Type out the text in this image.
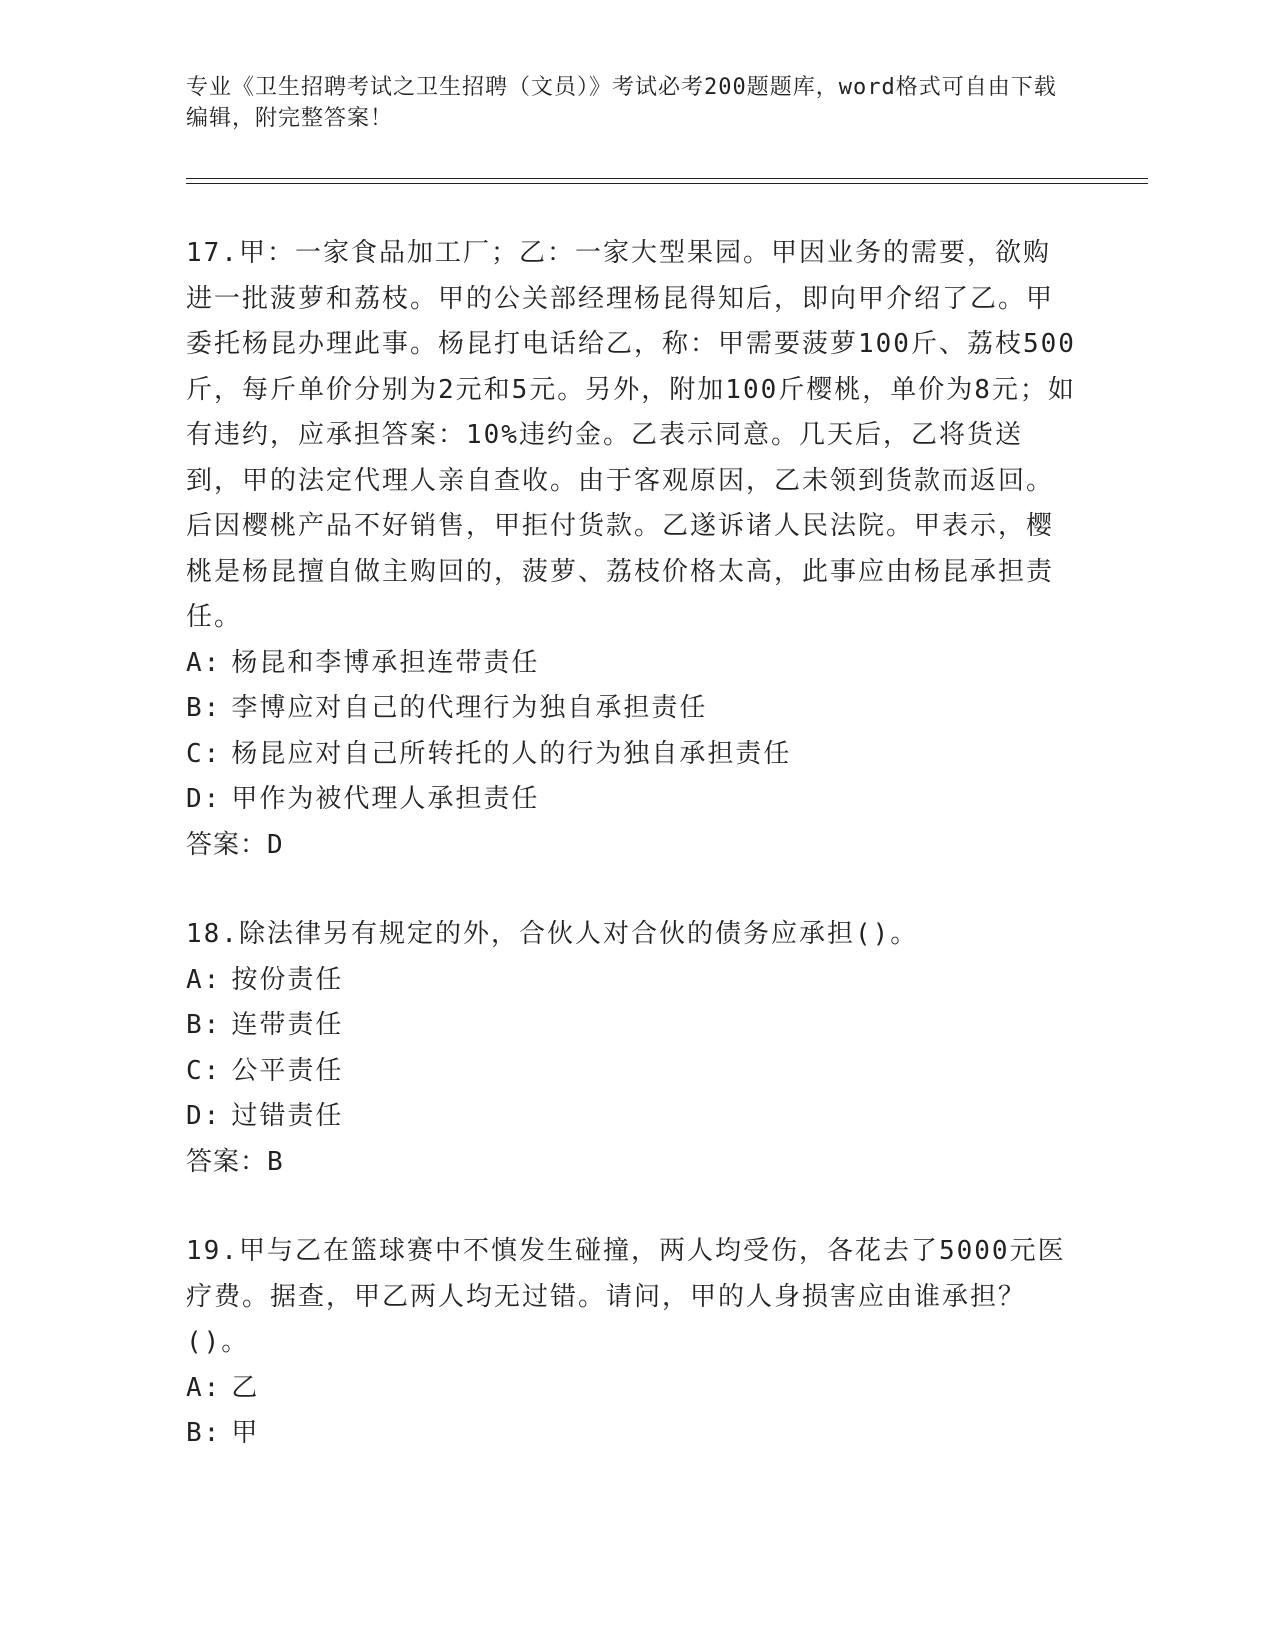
专业《卫生招聘考试之卫生招聘（文员）》考试必考200题题库，word格式可自由下载编辑，附完整答案！

17.甲：一家食品加工厂；乙：一家大型果园。甲因业务的需要，欲购进一批菠萝和荔枝。甲的公关部经理杨昆得知后，即向甲介绍了乙。甲委托杨昆办理此事。杨昆打电话给乙，称：甲需要菠萝100斤、荔枝500斤，每斤单价分别为2元和5元。另外，附加100斤樱桃，单价为8元；如有违约，应承担答案：10%违约金。乙表示同意。几天后，乙将货送到，甲的法定代理人亲自查收。由于客观原因，乙未领到货款而返回。后因樱桃产品不好销售，甲拒付货款。乙遂诉诸人民法院。甲表示，樱桃是杨昆擅自做主购回的，菠萝、荔枝价格太高，此事应由杨昆承担责任。

A: 杨昆和李博承担连带责任

B: 李博应对自己的代理行为独自承担责任

C: 杨昆应对自己所转托的人的行为独自承担责任

D: 甲作为被代理人承担责任

答案：D

18.除法律另有规定的外，合伙人对合伙的债务应承担()。

A: 按份责任

B: 连带责任

C: 公平责任

D: 过错责任

答案：B

19.甲与乙在篮球赛中不慎发生碰撞，两人均受伤，各花去了5000元医疗费。据查，甲乙两人均无过错。请问，甲的人身损害应由谁承担？()。

A: 乙

B: 甲
